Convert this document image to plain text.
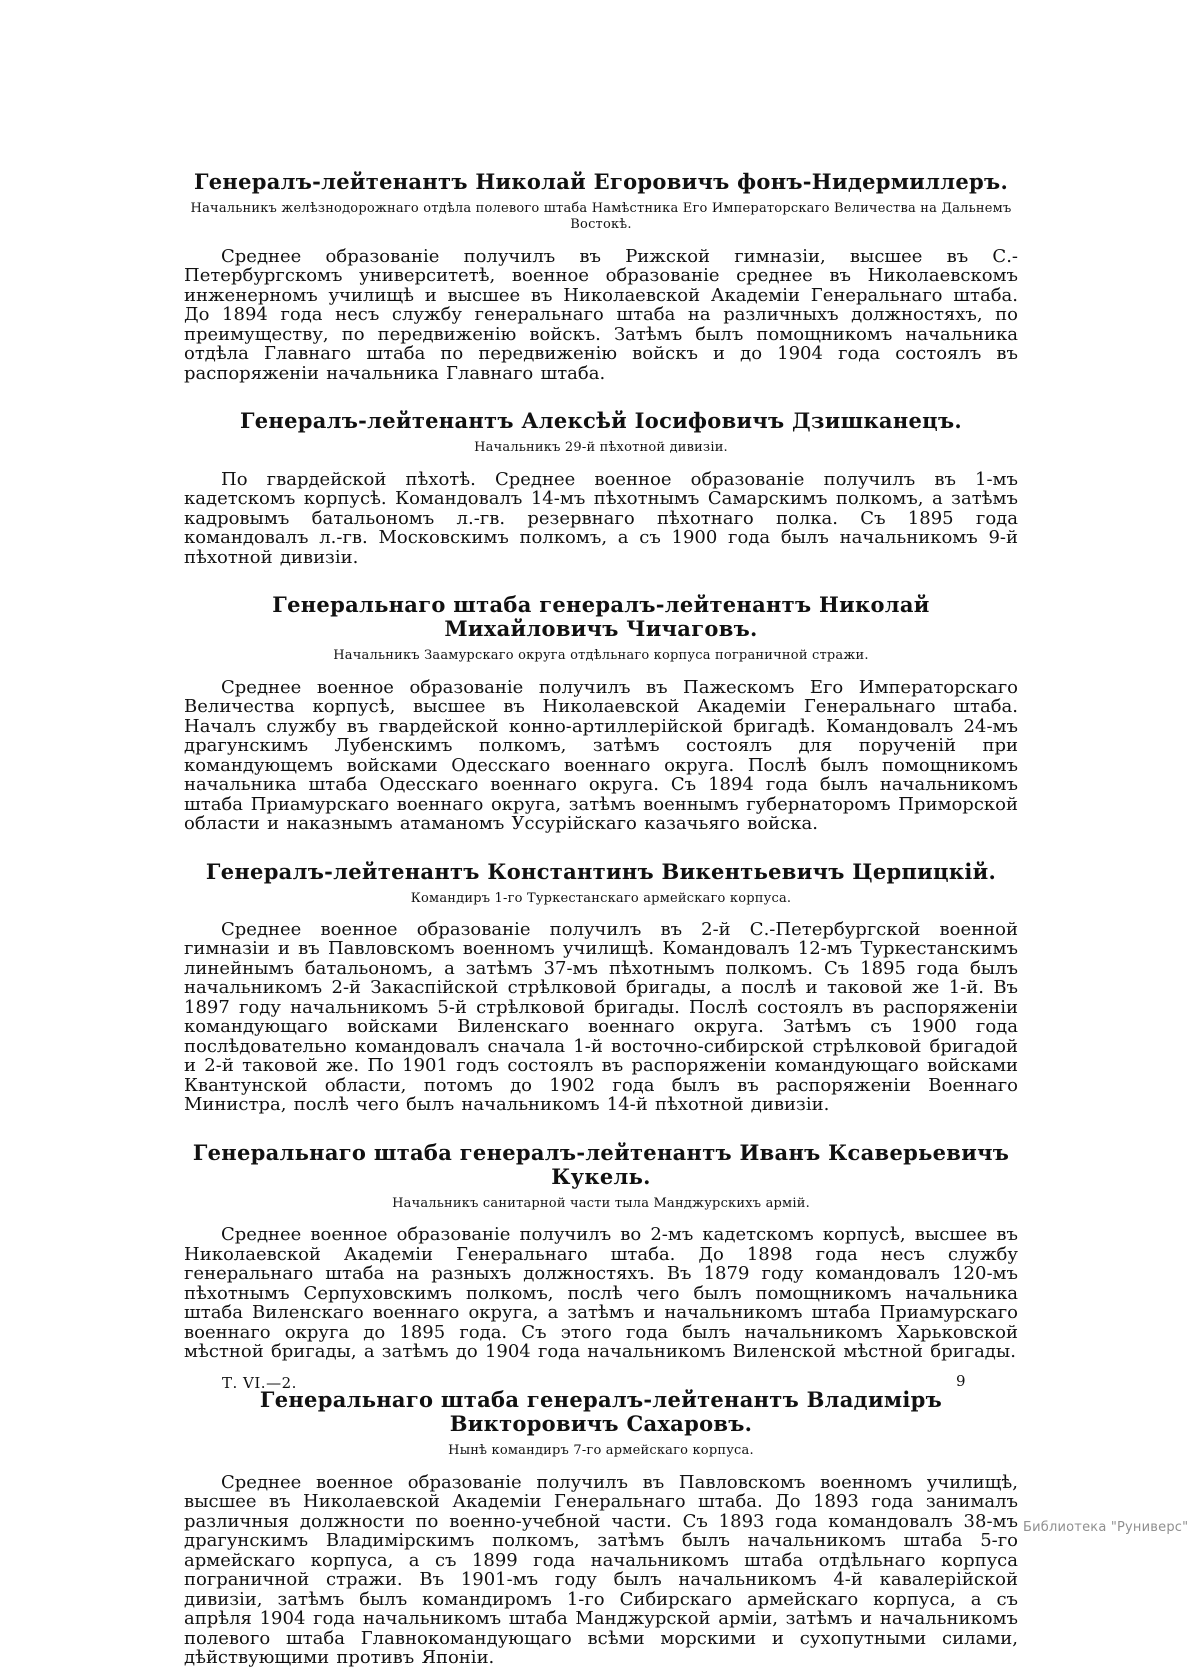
Генералъ-лейтенантъ Николай Егоровичъ фонъ-Нидермиллеръ.

Начальникъ желѣзнодорожнаго отдѣла полевого штаба Намѣстника Его Императорскаго Величества на Дальнемъ Востокѣ.

Среднее образованіе получилъ въ Рижской гимназіи, высшее въ С.-Петербургскомъ университетѣ, военное образованіе среднее въ Николаевскомъ инженерномъ училищѣ и высшее въ Николаевской Академіи Генеральнаго штаба. До 1894 года несъ службу генеральнаго штаба на различныхъ должностяхъ, по преимуществу, по передвиженію войскъ. Затѣмъ былъ помощникомъ начальника отдѣла Главнаго штаба по передвиженію войскъ и до 1904 года состоялъ въ распоряженіи начальника Главнаго штаба.

Генералъ-лейтенантъ Алексѣй Іосифовичъ Дзишканецъ.

Начальникъ 29-й пѣхотной дивизіи.

По гвардейской пѣхотѣ. Среднее военное образованіе получилъ въ 1-мъ кадетскомъ корпусѣ. Командовалъ 14-мъ пѣхотнымъ Самарскимъ полкомъ, а затѣмъ кадровымъ батальономъ л.-гв. резервнаго пѣхотнаго полка. Съ 1895 года командовалъ л.-гв. Московскимъ полкомъ, а съ 1900 года былъ начальникомъ 9-й пѣхотной дивизіи.

Генеральнаго штаба генералъ-лейтенантъ Николай Михайловичъ Чичаговъ.

Начальникъ Заамурскаго округа отдѣльнаго корпуса пограничной стражи.

Среднее военное образованіе получилъ въ Пажескомъ Его Императорскаго Величества корпусѣ, высшее въ Николаевской Академіи Генеральнаго штаба. Началъ службу въ гвардейской конно-артиллерійской бригадѣ. Командовалъ 24-мъ драгунскимъ Лубенскимъ полкомъ, затѣмъ состоялъ для порученій при командующемъ войсками Одесскаго военнаго округа. Послѣ былъ помощникомъ начальника штаба Одесскаго военнаго округа. Съ 1894 года былъ начальникомъ штаба Приамурскаго военнаго округа, затѣмъ военнымъ губернаторомъ Приморской области и наказнымъ атаманомъ Уссурійскаго казачьяго войска.

Генералъ-лейтенантъ Константинъ Викентьевичъ Церпицкій.

Командиръ 1-го Туркестанскаго армейскаго корпуса.

Среднее военное образованіе получилъ въ 2-й С.-Петербургской военной гимназіи и въ Павловскомъ военномъ училищѣ. Командовалъ 12-мъ Туркестанскимъ линейнымъ батальономъ, а затѣмъ 37-мъ пѣхотнымъ полкомъ. Съ 1895 года былъ начальникомъ 2-й Закаспійской стрѣлковой бригады, а послѣ и таковой же 1-й. Въ 1897 году начальникомъ 5-й стрѣлковой бригады. Послѣ состоялъ въ распоряженіи командующаго войсками Виленскаго военнаго округа. Затѣмъ съ 1900 года послѣдовательно командовалъ сначала 1-й восточно-сибирской стрѣлковой бригадой и 2-й таковой же. По 1901 годъ состоялъ въ распоряженіи командующаго войсками Квантунской области, потомъ до 1902 года былъ въ распоряженіи Военнаго Министра, послѣ чего былъ начальникомъ 14-й пѣхотной дивизіи.

Генеральнаго штаба генералъ-лейтенантъ Иванъ Ксаверьевичъ Кукель.

Начальникъ санитарной части тыла Манджурскихъ армій.

Среднее военное образованіе получилъ во 2-мъ кадетскомъ корпусѣ, высшее въ Николаевской Академіи Генеральнаго штаба. До 1898 года несъ службу генеральнаго штаба на разныхъ должностяхъ. Въ 1879 году командовалъ 120-мъ пѣхотнымъ Серпуховскимъ полкомъ, послѣ чего былъ помощникомъ начальника штаба Виленскаго военнаго округа, а затѣмъ и начальникомъ штаба Приамурскаго военнаго округа до 1895 года. Съ этого года былъ начальникомъ Харьковской мѣстной бригады, а затѣмъ до 1904 года начальникомъ Виленской мѣстной бригады.

Генеральнаго штаба генералъ-лейтенантъ Владиміръ Викторовичъ Сахаровъ.

Нынѣ командиръ 7-го армейскаго корпуса.

Среднее военное образованіе получилъ въ Павловскомъ военномъ училищѣ, высшее въ Николаевской Академіи Генеральнаго штаба. До 1893 года занималъ различныя должности по военно-учебной части. Съ 1893 года командовалъ 38-мъ драгунскимъ Владимірскимъ полкомъ, затѣмъ былъ начальникомъ штаба 5-го армейскаго корпуса, а съ 1899 года начальникомъ штаба отдѣльнаго корпуса пограничной стражи. Въ 1901-мъ году былъ начальникомъ 4-й кавалерійской дивизіи, затѣмъ былъ командиромъ 1-го Сибирскаго армейскаго корпуса, а съ апрѣля 1904 года начальникомъ штаба Манджурской арміи, затѣмъ и начальникомъ полевого штаба Главнокомандующаго всѣми морскими и сухопутными силами, дѣйствующими противъ Японіи.

Т. VI.—2.	9
Библиотека "Руниверс"
